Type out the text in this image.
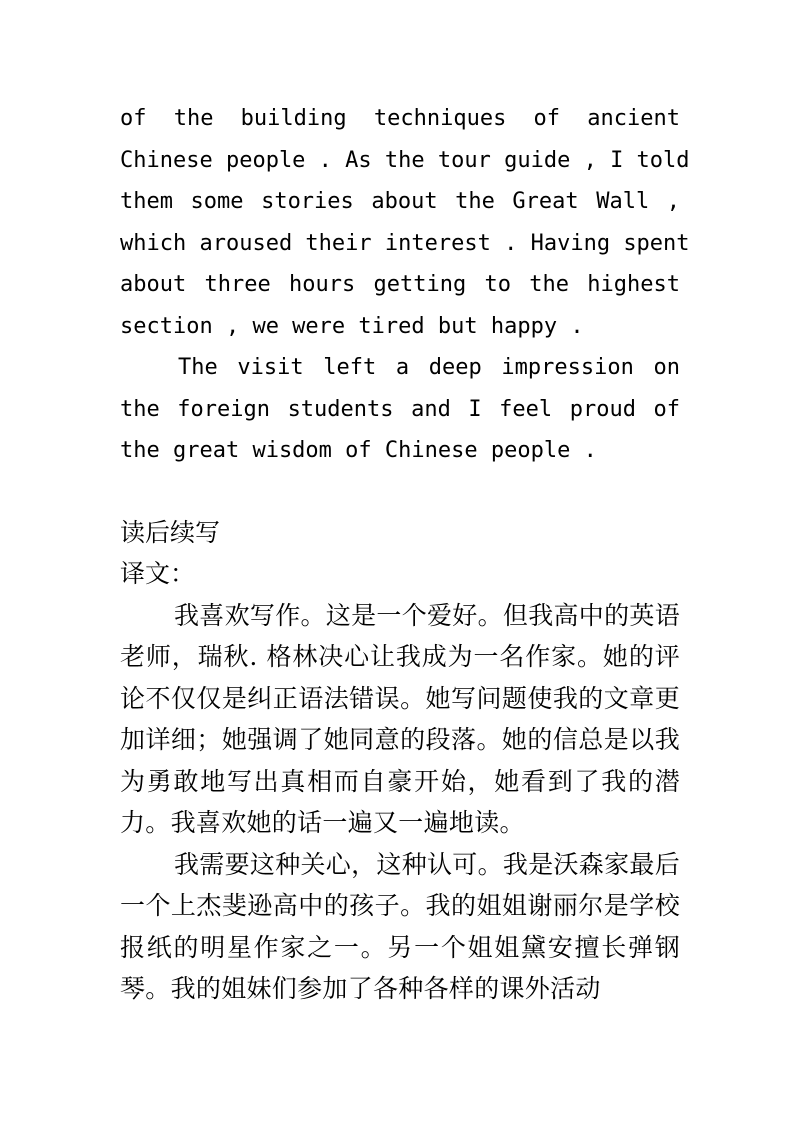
of the building techniques of ancient
Chinese people . As the tour guide , I told
them some stories about the Great Wall ,
which aroused their interest . Having spent
about three hours getting to the highest
section , we were tired but happy .
The visit left a deep impression on
the foreign students and I feel proud of
the great wisdom of Chinese people .
读后续写
译文：
我喜欢写作。这是一个爱好。但我高中的英语老师，瑞秋. 格林决心让我成为一名作家。她的评论不仅仅是纠正语法错误。她写问题使我的文章更加详细；她强调了她同意的段落。她的信总是以我为勇敢地写出真相而自豪开始，她看到了我的潜力。我喜欢她的话一遍又一遍地读。
我需要这种关心，这种认可。我是沃森家最后一个上杰斐逊高中的孩子。我的姐姐谢丽尔是学校报纸的明星作家之一。另一个姐姐黛安擅长弹钢琴。我的姐妹们参加了各种各样的课外活动
